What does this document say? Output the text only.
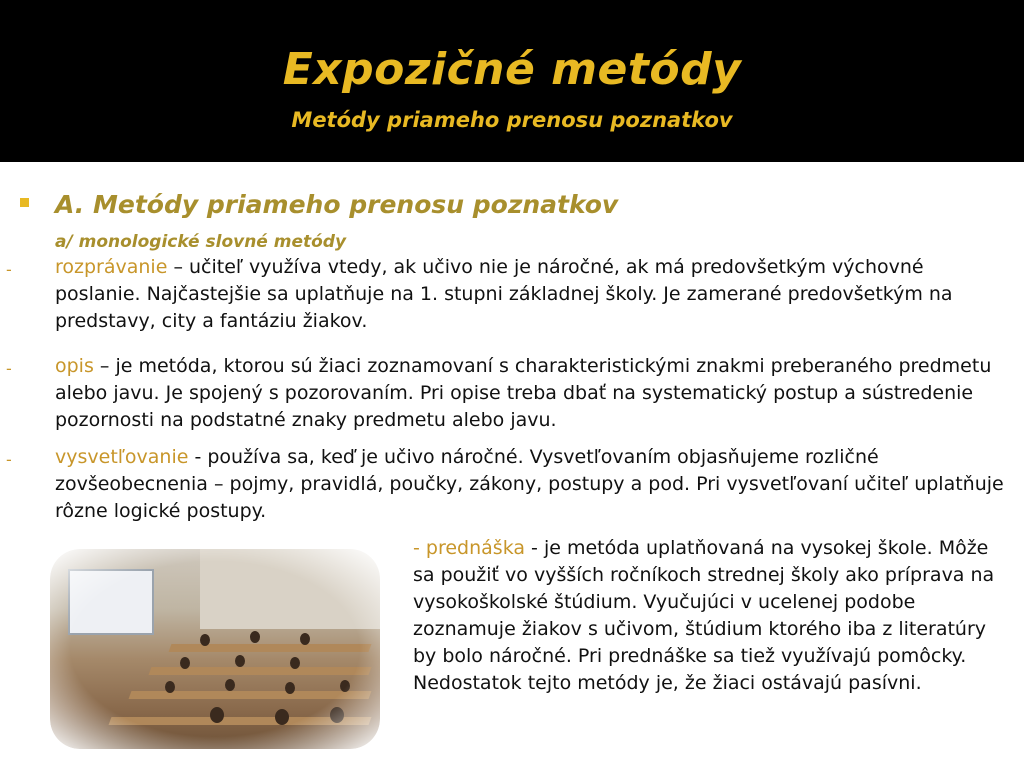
Expozičné metódy
Metódy priameho prenosu poznatkov
A. Metódy priameho prenosu poznatkov
a/ monologické slovné metódy
- rozprávanie – učiteľ využíva vtedy, ak učivo nie je náročné, ak má predovšetkým výchovné poslanie. Najčastejšie sa uplatňuje na 1. stupni základnej školy. Je zamerané predovšetkým na predstavy, city a fantáziu žiakov.
- opis – je metóda, ktorou sú žiaci zoznamovaní s charakteristickými znakmi preberaného predmetu alebo javu. Je spojený s pozorovaním. Pri opise treba dbať na systematický postup a sústredenie pozornosti na podstatné znaky predmetu alebo javu.
- vysvetľovanie - používa sa, keď je učivo náročné. Vysvetľovaním objasňujeme rozličné zovšeobecnenia – pojmy, pravidlá, poučky, zákony, postupy a pod. Pri vysvetľovaní učiteľ uplatňuje rôzne logické postupy.
- prednáška - je metóda uplatňovaná na vysokej škole. Môže sa použiť vo vyšších ročníkoch strednej školy ako príprava na vysokoškolské štúdium. Vyučujúci v ucelenej podobe zoznamuje žiakov s učivom, štúdium ktorého iba z literatúry by bolo náročné. Pri prednáške sa tiež využívajú pomôcky. Nedostatok tejto metódy je, že žiaci ostávajú pasívni.
